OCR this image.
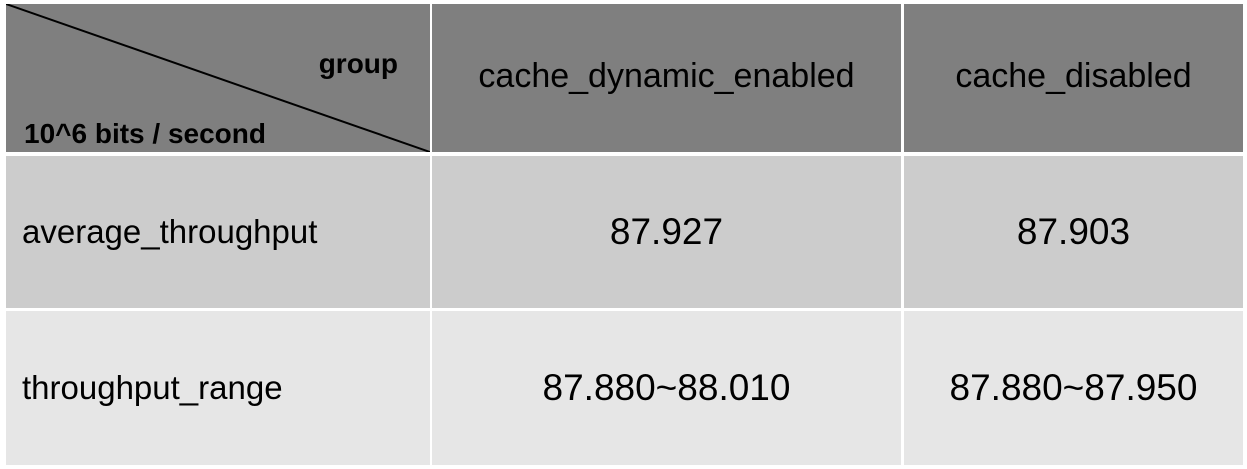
group
10^6 bits / second
cache_dynamic_enabled	cache_disabled
average_throughput	87.927	87.903
throughput_range	87.880~88.010	87.880~87.950
